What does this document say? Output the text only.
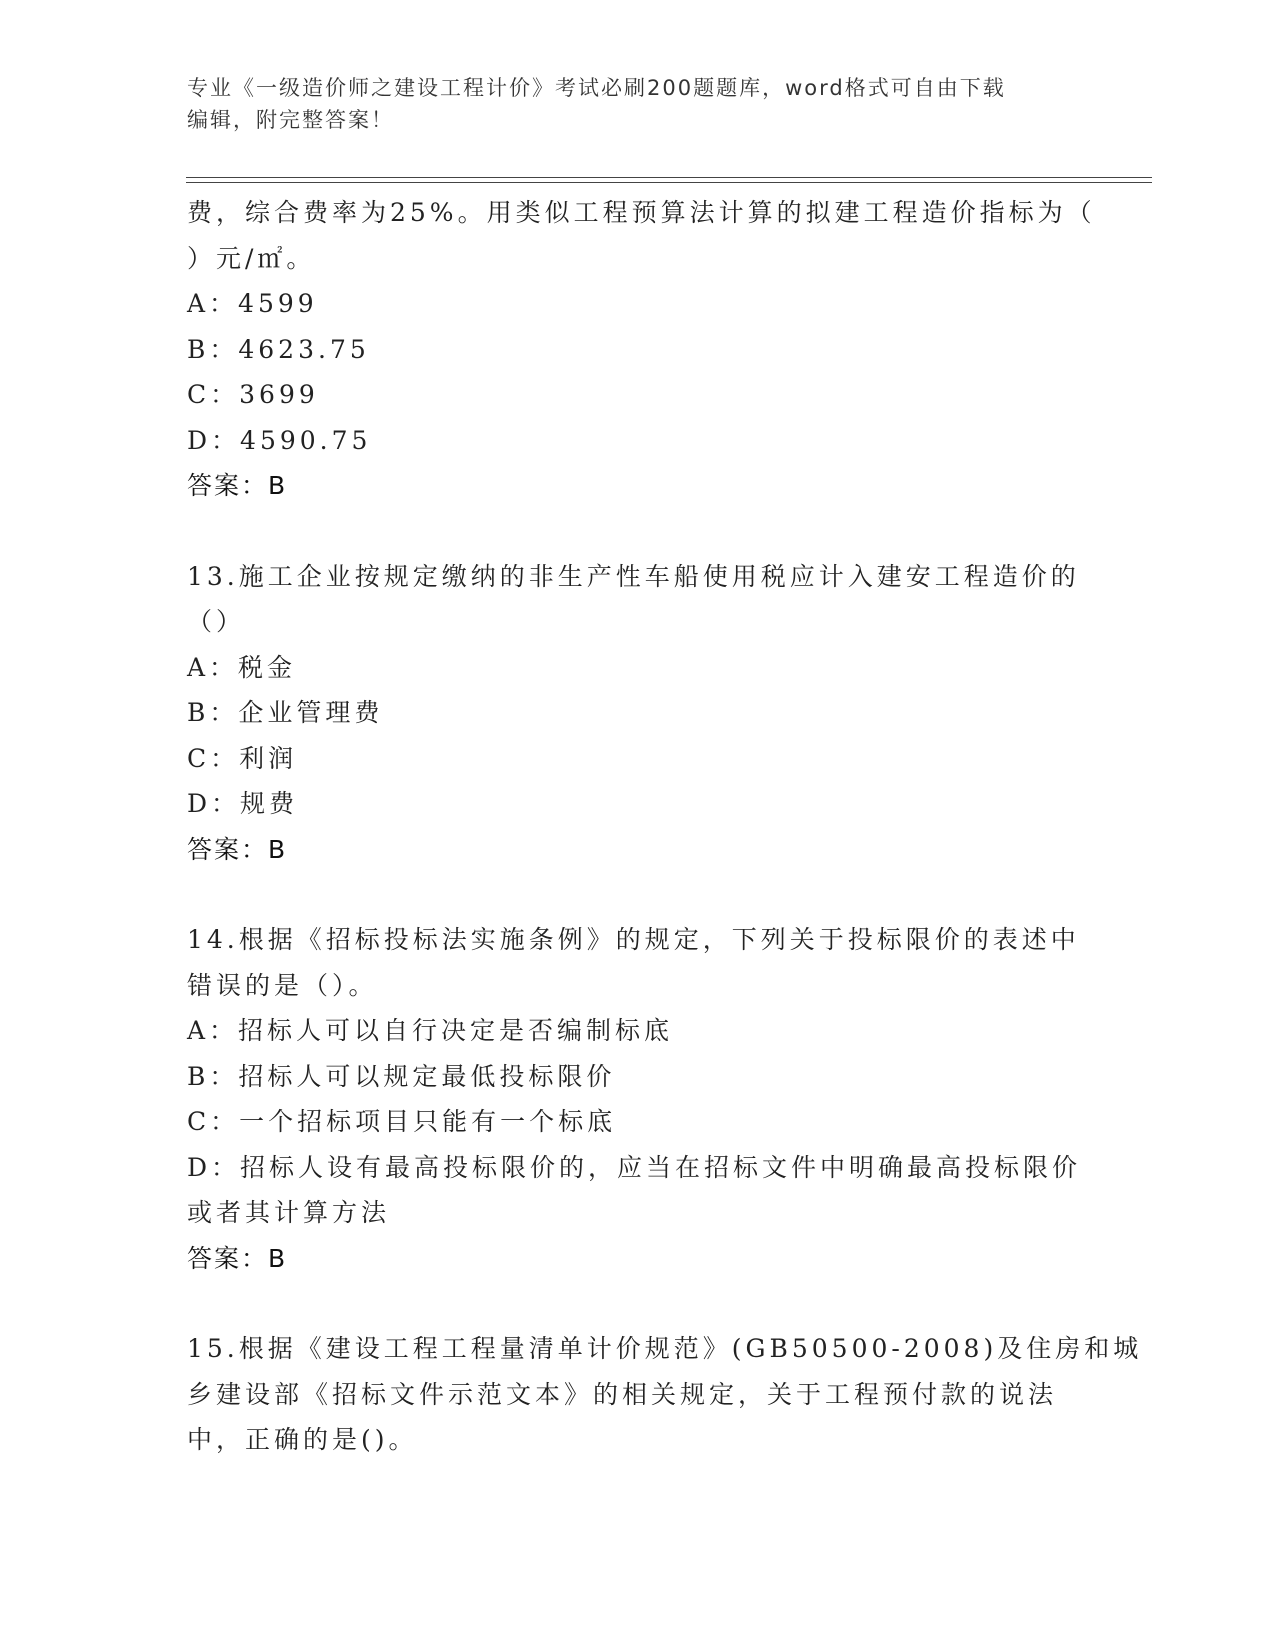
专业《一级造价师之建设工程计价》考试必刷200题题库，word格式可自由下载
编辑，附完整答案！
费，综合费率为25%。用类似工程预算法计算的拟建工程造价指标为（
）元/㎡。
A：4599
B：4623.75
C：3699
D：4590.75
答案：B
13.施工企业按规定缴纳的非生产性车船使用税应计入建安工程造价的
（）
A：税金
B：企业管理费
C：利润
D：规费
答案：B
14.根据《招标投标法实施条例》的规定，下列关于投标限价的表述中
错误的是（）。
A：招标人可以自行决定是否编制标底
B：招标人可以规定最低投标限价
C：一个招标项目只能有一个标底
D：招标人设有最高投标限价的，应当在招标文件中明确最高投标限价
或者其计算方法
答案：B
15.根据《建设工程工程量清单计价规范》(GB50500-2008)及住房和城
乡建设部《招标文件示范文本》的相关规定，关于工程预付款的说法
中，正确的是()。
